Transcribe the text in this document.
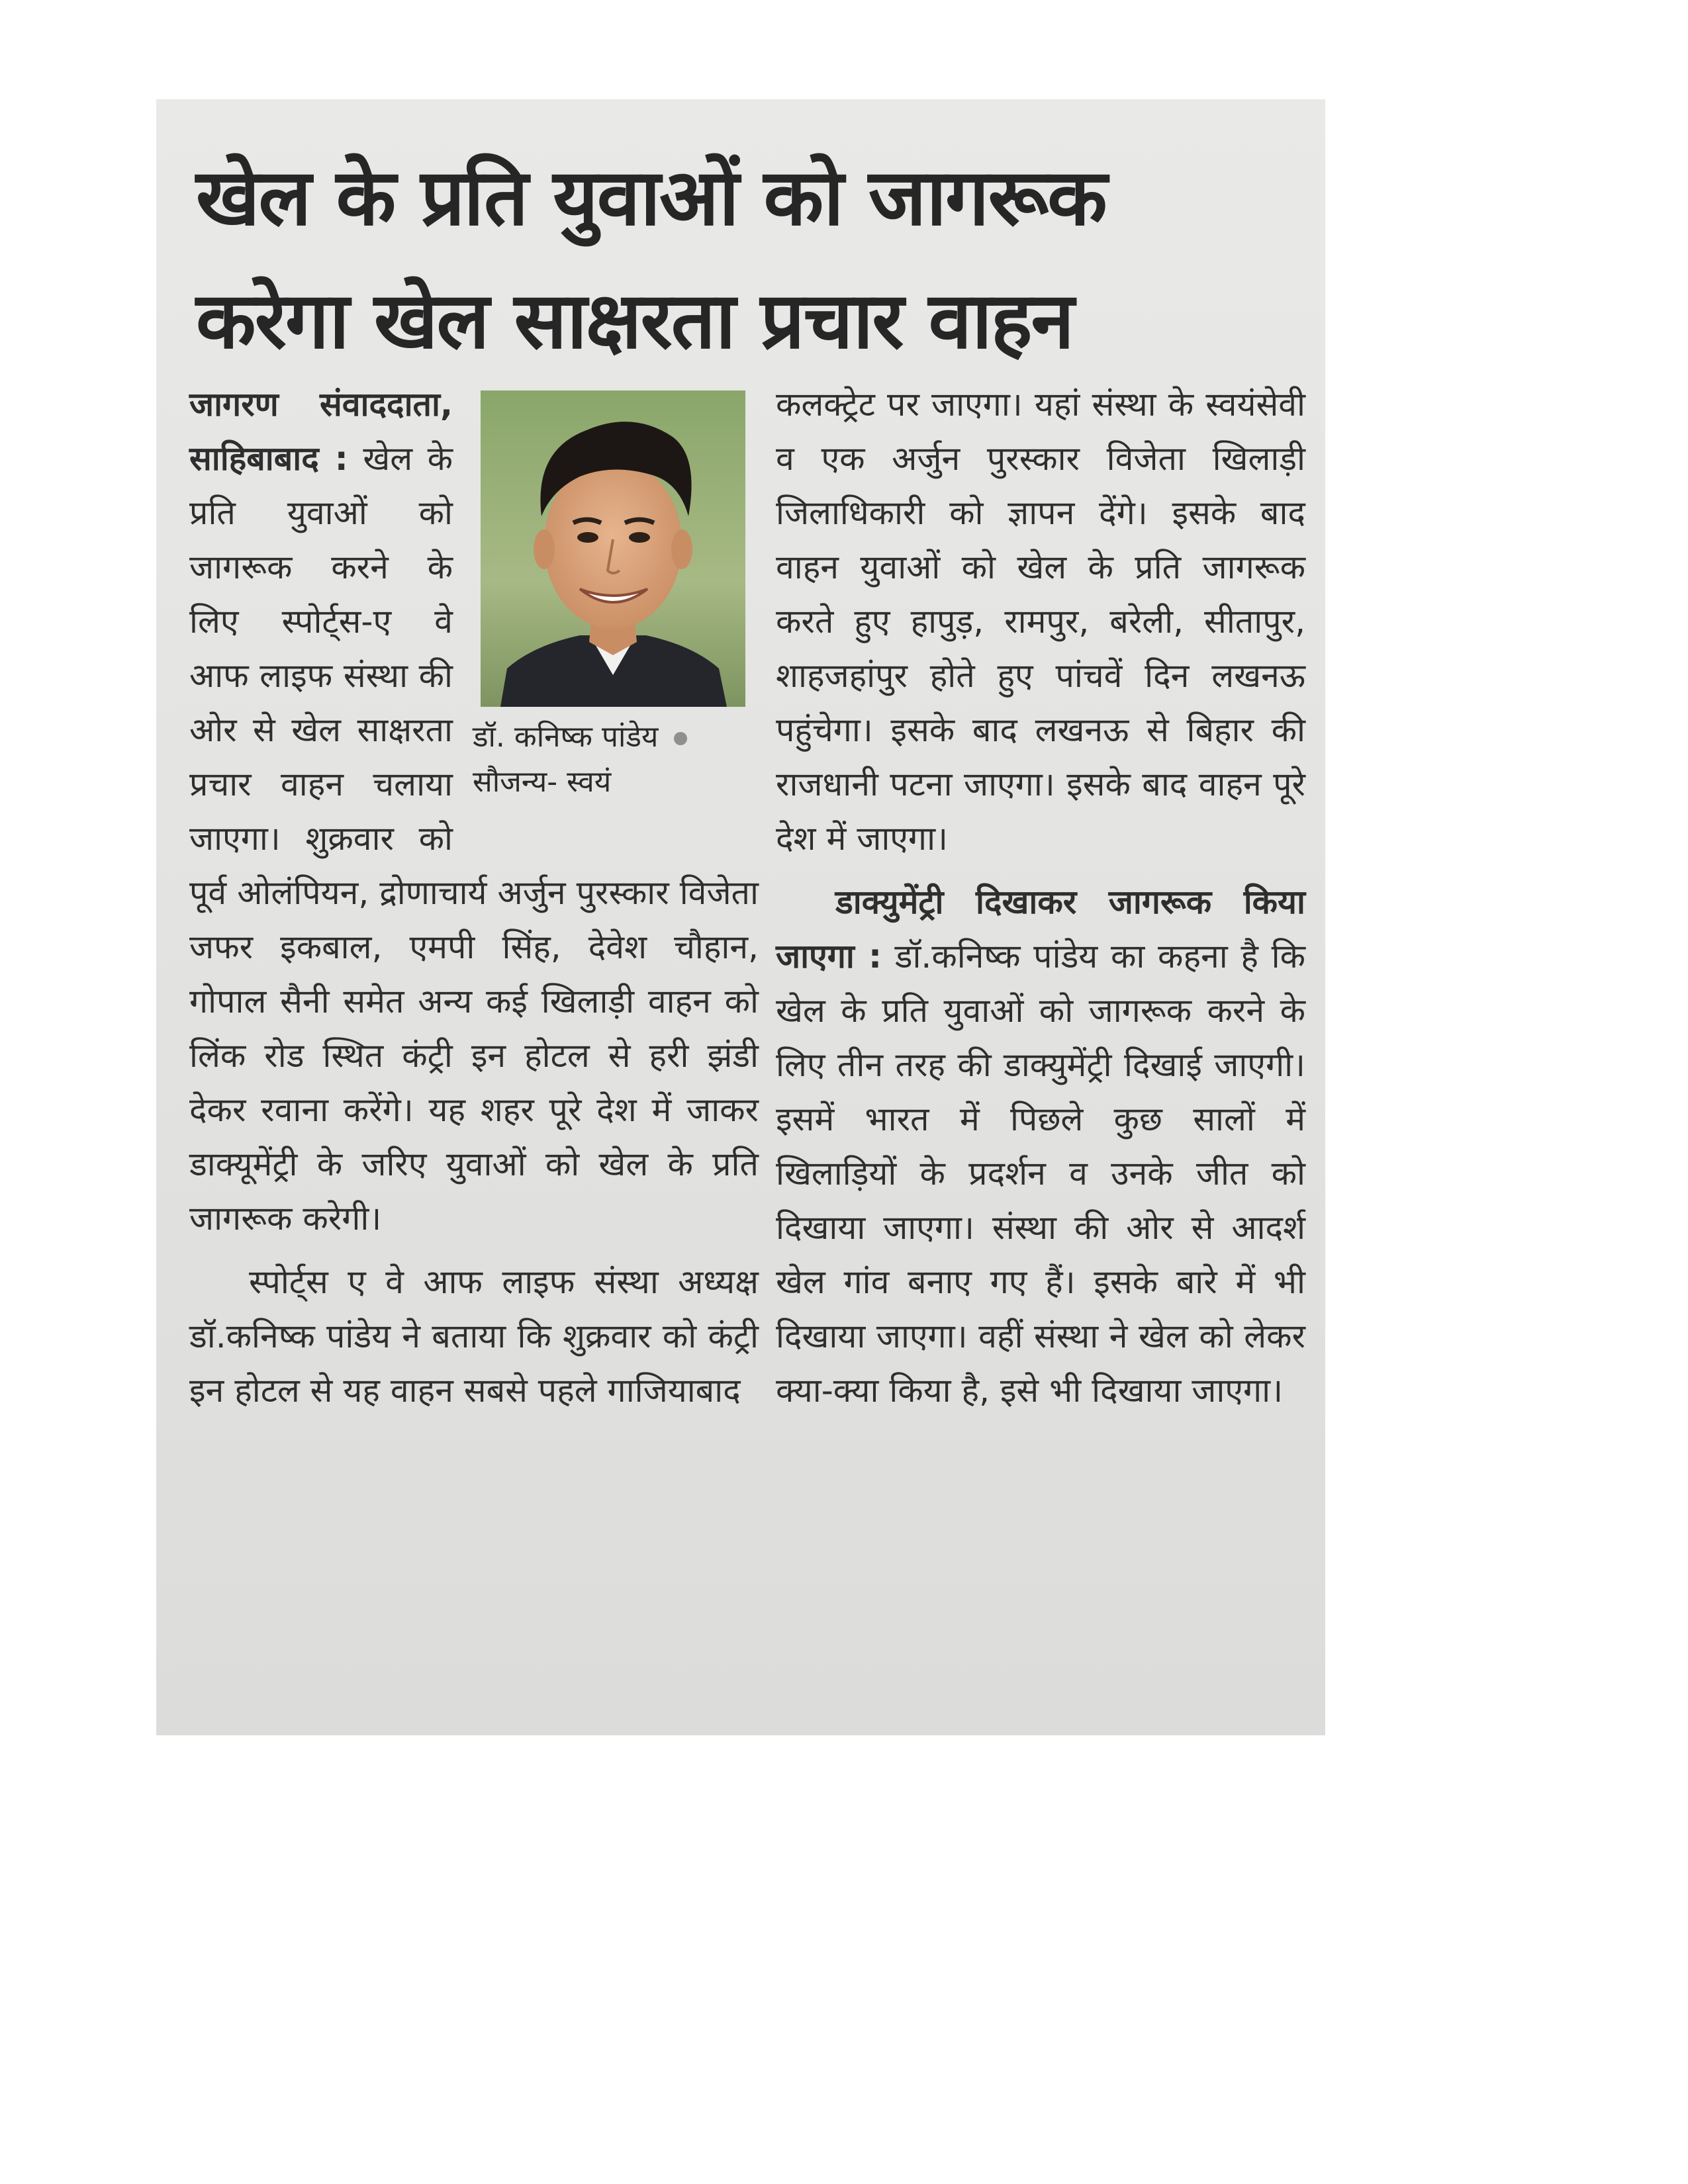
खेल के प्रति युवाओं को जागरूक
करेगा खेल साक्षरता प्रचार वाहन
डॉ. कनिष्क पांडेय
सौजन्य- स्वयं

जागरण संवाददाता, साहिबाबाद : खेल के प्रति युवाओं को जागरूक करने के लिए स्पोर्ट्स-ए वे आफ लाइफ संस्था की ओर से खेल साक्षरता प्रचार वाहन चलाया जाएगा। शुक्रवार को पूर्व ओलंपियन, द्रोणाचार्य अर्जुन पुरस्कार विजेता जफर इकबाल, एमपी सिंह, देवेश चौहान, गोपाल सैनी समेत अन्य कई खिलाड़ी वाहन को लिंक रोड स्थित कंट्री इन होटल से हरी झंडी देकर रवाना करेंगे। यह शहर पूरे देश में जाकर डाक्यूमेंट्री के जरिए युवाओं को खेल के प्रति जागरूक करेगी।

स्पोर्ट्स ए वे आफ लाइफ संस्था अध्यक्ष डॉ.कनिष्क पांडेय ने बताया कि शुक्रवार को कंट्री इन होटल से यह वाहन सबसे पहले गाजियाबाद

कलक्ट्रेट पर जाएगा। यहां संस्था के स्वयंसेवी व एक अर्जुन पुरस्कार विजेता खिलाड़ी जिलाधिकारी को ज्ञापन देंगे। इसके बाद वाहन युवाओं को खेल के प्रति जागरूक करते हुए हापुड़, रामपुर, बरेली, सीतापुर, शाहजहांपुर होते हुए पांचवें दिन लखनऊ पहुंचेगा। इसके बाद लखनऊ से बिहार की राजधानी पटना जाएगा। इसके बाद वाहन पूरे देश में जाएगा।

डाक्युमेंट्री दिखाकर जागरूक किया जाएगा : डॉ.कनिष्क पांडेय का कहना है कि खेल के प्रति युवाओं को जागरूक करने के लिए तीन तरह की डाक्युमेंट्री दिखाई जाएगी। इसमें भारत में पिछले कुछ सालों में खिलाड़ियों के प्रदर्शन व उनके जीत को दिखाया जाएगा। संस्था की ओर से आदर्श खेल गांव बनाए गए हैं। इसके बारे में भी दिखाया जाएगा। वहीं संस्था ने खेल को लेकर क्या-क्या किया है, इसे भी दिखाया जाएगा।
